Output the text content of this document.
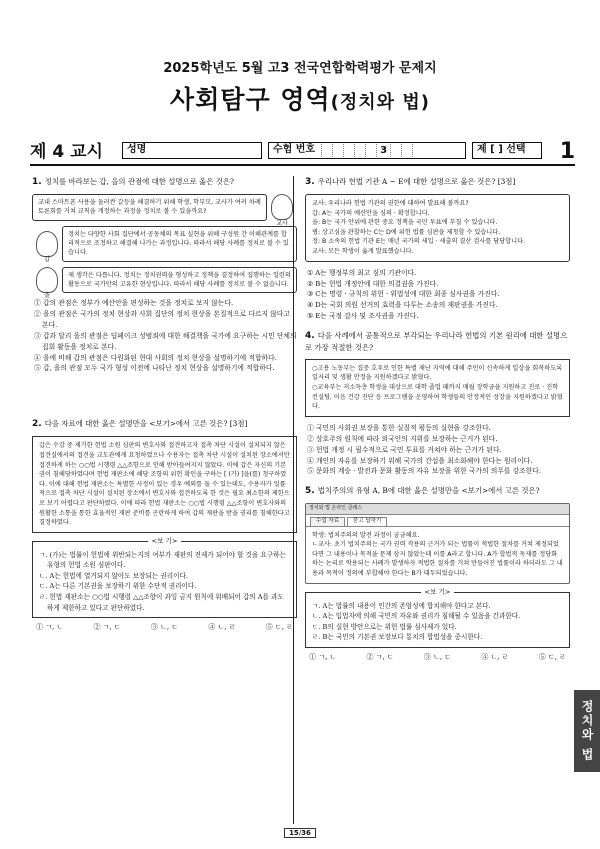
2025학년도 5월 고3 전국연합학력평가 문제지
사회탐구 영역(정치와 법)
제 4 교시 성명	수험 번호	3	제 [ ] 선택 1
1. 정치를 바라보는 갑, 을의 관점에 대한 설명으로 옳은 것은?
교내 스마트폰 사용을 둘러싼 갈등을 해결하기 위해 학생, 학부모, 교사가 여러 차례 토론회를 거쳐 교칙을 개정하는 과정을 정치로 볼 수 있을까요?
교사
갑
정치는 다양한 사회 집단에서 공동체의 목표 실현을 위해 구성원 간 이해관계를 합리적으로 조정하고 해결해 나가는 과정입니다. 따라서 해당 사례를 정치로 볼 수 있습니다.
을
제 생각은 다릅니다. 정치는 정치권력을 형성하고 정책을 결정하여 집행하는 일련의 활동으로 국가만의 고유한 현상입니다. 따라서 해당 사례를 정치로 볼 수 없습니다.
① 갑의 관점은 정부가 예산안을 편성하는 것을 정치로 보지 않는다.
② 을의 관점은 국가의 정치 현상과 사회 집단의 정치 현상을 본질적으로 다르지 않다고 본다.
③ 갑과 달리 을의 관점은 딥페이크 성범죄에 대한 해결책을 국가에 요구하는 시민 단체의 집회 활동을 정치로 본다.
④ 을에 비해 갑의 관점은 다원화된 현대 사회의 정치 현상을 설명하기에 적합하다.
⑤ 갑, 을의 관점 모두 국가 형성 이전에 나타난 정치 현상을 설명하기에 적합하다.
2. 다음 자료에 대한 옳은 설명만을 <보기>에서 고른 것은? [3점]
갑은 수감 중 제기한 헌법 소원 심판의 변호사와 접견하고자 접촉 차단 시설이 설치되지 않은 접견실에서의 접견을 교도관에게 요청하였으나 수용자는 접촉 차단 시설이 설치된 장소에서만 접견하게 하는 ○○법 시행령 △△조항으로 인해 받아들여지지 않았다. 이에 갑은 자신의 기본권이 침해당하였다며 헌법 재판소에 해당 조항의 위헌 확인을 구하는 [ (가) ]을(를) 청구하였다. 이에 대해 헌법 재판소는 특별한 사정이 있는 경우 예외를 둘 수 있는데도, 수용자가 일률적으로 접촉 차단 시설이 설치된 장소에서 변호사와 접견하도록 한 것은 필요 최소한의 제한으로 보기 어렵다고 판단하였다. 이에 따라 헌법 재판소는 ○○법 시행령 △△조항이 변호사와의 원활한 소통을 통한 효율적인 재판 준비를 곤란하게 하여 갑의 재판을 받을 권리를 침해한다고 결정하였다.
<보 기>
ㄱ. (가)는 법률이 헌법에 위반되는지의 여부가 재판의 전제가 되어야 할 것을 요구하는 유형의 헌법 소원 심판이다.
ㄴ. A는 헌법에 열거되지 않아도 보장되는 권리이다.
ㄷ. A는 다른 기본권을 보장하기 위한 수단적 권리이다.
ㄹ. 헌법 재판소는 ○○법 시행령 △△조항이 과잉 금지 원칙에 위배되어 갑의 A를 과도하게 제한하고 있다고 판단하였다.
① ㄱ, ㄴ	② ㄱ, ㄷ	③ ㄴ, ㄷ	④ ㄴ, ㄹ	⑤ ㄷ, ㄹ
3. 우리나라 헌법 기관 A ~ E에 대한 설명으로 옳은 것은? [3점]
교사: 우리나라 헌법 기관의 권한에 대하여 발표해 볼까요?
갑: A는 국가의 예산안을 심의 · 확정합니다.
을: B는 국가 안위에 관한 중요 정책을 국민 투표에 부칠 수 있습니다.
병: 상고심을 관할하는 C는 D에 위헌 법률 심판을 제청할 수 있습니다.
정: B 소속의 헌법 기관 E는 매년 국가의 세입 · 세출의 결산 검사를 담당합니다.
교사: 모든 학생이 옳게 발표했습니다.
① A는 행정부의 최고 심의 기관이다.
② B는 헌법 개정안에 대한 의결권을 가진다.
③ C는 명령 · 규칙의 위헌 · 위법성에 대한 최종 심사권을 가진다.
④ D는 국회 의원 선거의 효력을 다투는 소송의 재판권을 가진다.
⑤ E는 국정 감사 및 조사권을 가진다.
4. 다음 사례에서 공통적으로 부각되는 우리나라 헌법의 기본 원리에 대한 설명으로 가장 적절한 것은?
○고용 노동부는 집중 호우로 인한 특별 재난 지역에 대해 주민이 신속하게 일상을 회복하도록 일자리 및 생활 안정을 지원하겠다고 밝혔다.
○교육부는 저소득층 학생을 대상으로 대학 졸업 때까지 매월 장학금을 지원하고 진로 · 진학 컨설팅, 이음 건강 진단 등 프로그램을 운영하여 학생들의 안정적인 성장을 지원하겠다고 밝혔다.
① 국민의 사회권 보장을 통한 실질적 평등의 실현을 강조한다.
② 상호주의 원칙에 따라 외국인의 지위를 보장하는 근거가 된다.
③ 헌법 개정 시 필수적으로 국민 투표를 거쳐야 하는 근거가 된다.
④ 개인의 자유를 보장하기 위해 국가의 간섭을 최소화해야 한다는 원리이다.
⑤ 문화의 계승 · 발전과 문화 활동의 자유 보장을 위한 국가의 의무를 강조한다.
5. 법치주의의 유형 A, B에 대한 옳은 설명만을 <보기>에서 고른 것은?
정치와 법 온라인 클래스
수업 자료	묻고 답하기
학생: 법치주의의 발전 과정이 궁금해요.
ㄴ교사: 초기 법치주의는 국가 권력 작용의 근거가 되는 법률이 적법한 절차를 거쳐 제정되었다면 그 내용이나 목적을 문제 삼지 않았는데 이를 A라고 합니다. A가 합법적 독재를 정당화하는 논리로 악용되는 사례가 발생하자 적법한 절차를 거쳐 만들어진 법률이라 하더라도 그 내용과 목적이 정의에 부합해야 한다는 B가 대두되었습니다.
<보 기>
ㄱ. A는 법률의 내용이 인간의 존엄성에 합치해야 한다고 본다.
ㄴ. A는 입법자에 의해 국민의 자유와 권리가 침해될 수 있음을 간과한다.
ㄷ. B의 실현 방안으로는 위헌 법률 심사제가 있다.
ㄹ. B는 국민의 기본권 보장보다 통치의 합법성을 중시한다.
① ㄱ, ㄴ	② ㄱ, ㄷ	③ ㄴ, ㄷ	④ ㄴ, ㄹ	⑤ ㄷ, ㄹ
정치와 법
15/36
